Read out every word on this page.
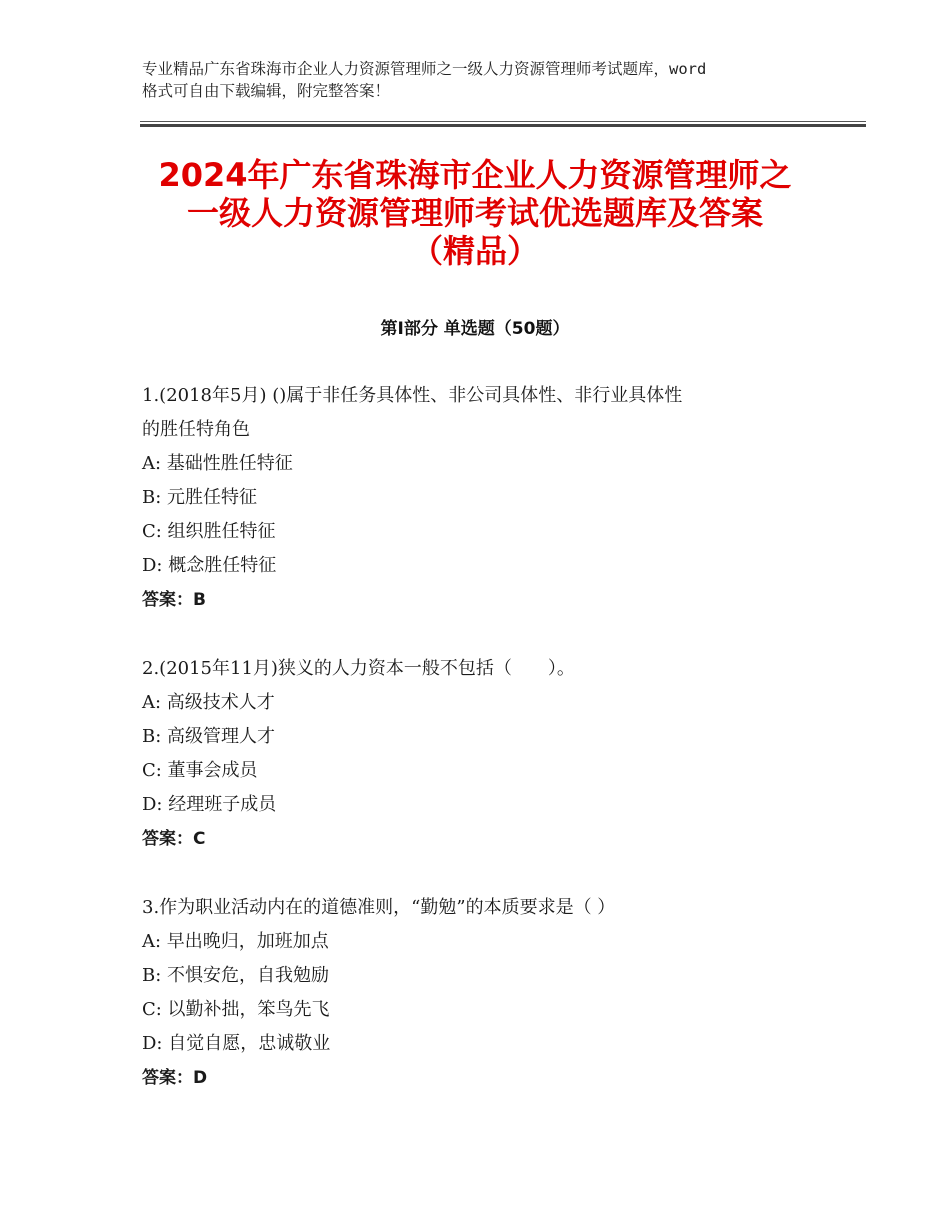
专业精品广东省珠海市企业人力资源管理师之一级人力资源管理师考试题库，word
格式可自由下载编辑，附完整答案！
2024年广东省珠海市企业人力资源管理师之
一级人力资源管理师考试优选题库及答案
（精品）
第Ⅰ部分 单选题（50题）

1.(2018年5月) ()属于非任务具体性、非公司具体性、非行业具体性

的胜任特角色

A: 基础性胜任特征

B: 元胜任特征

C: 组织胜任特征

D: 概念胜任特征

答案：B

2.(2015年11月)狭义的人力资本一般不包括（　　）。

A: 高级技术人才

B: 高级管理人才

C: 董事会成员

D: 经理班子成员

答案：C

3.作为职业活动内在的道德准则，“勤勉”的本质要求是（ ）

A: 早出晚归，加班加点

B: 不惧安危，自我勉励

C: 以勤补拙，笨鸟先飞

D: 自觉自愿，忠诚敬业

答案：D
